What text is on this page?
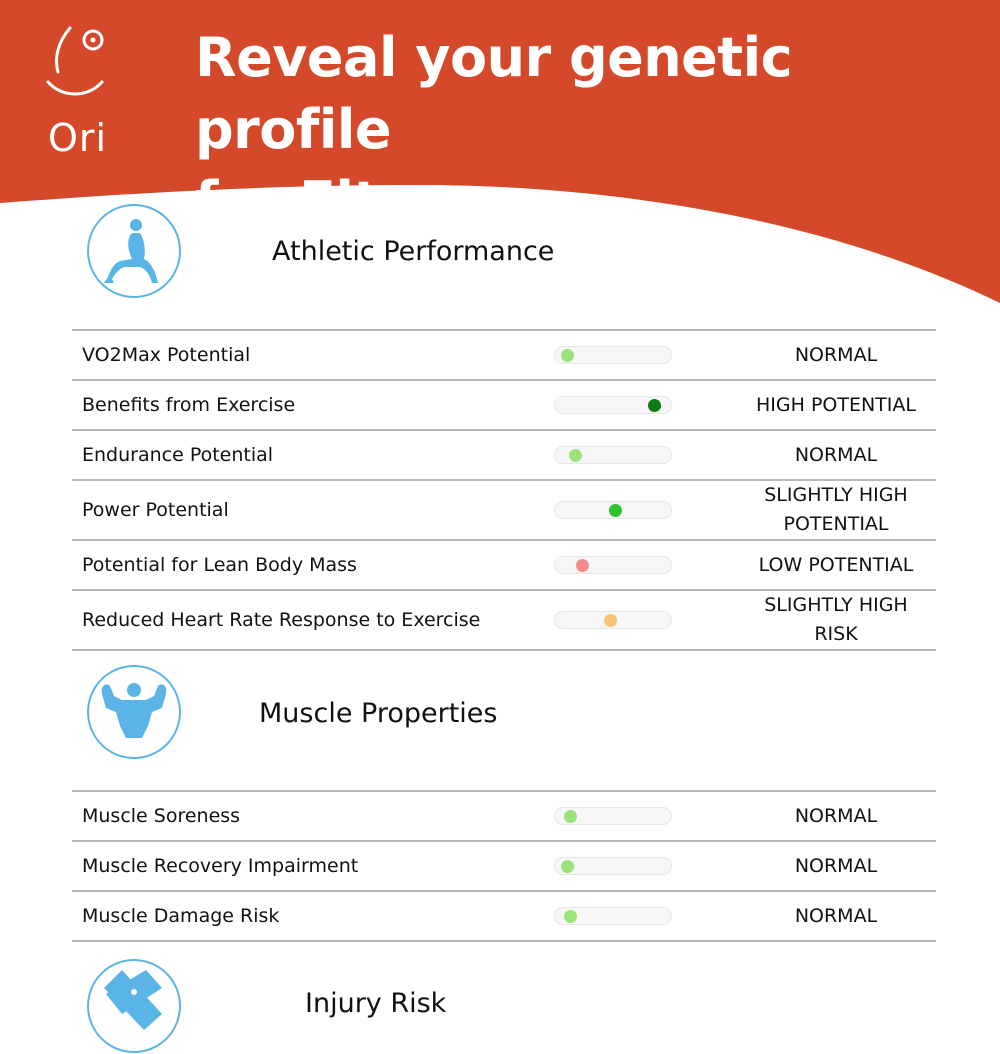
Ori
Reveal your genetic profile
for Fitness...
Athletic Performance
VO2Max Potential		NORMAL
Benefits from Exercise		HIGH POTENTIAL
Endurance Potential		NORMAL
Power Potential		SLIGHTLY HIGH
POTENTIAL

Potential for Lean Body Mass		LOW POTENTIAL
Reduced Heart Rate Response to Exercise		SLIGHTLY HIGH
RISK
Muscle Properties
Muscle Soreness		NORMAL
Muscle Recovery Impairment		NORMAL
Muscle Damage Risk		NORMAL
Injury Risk
